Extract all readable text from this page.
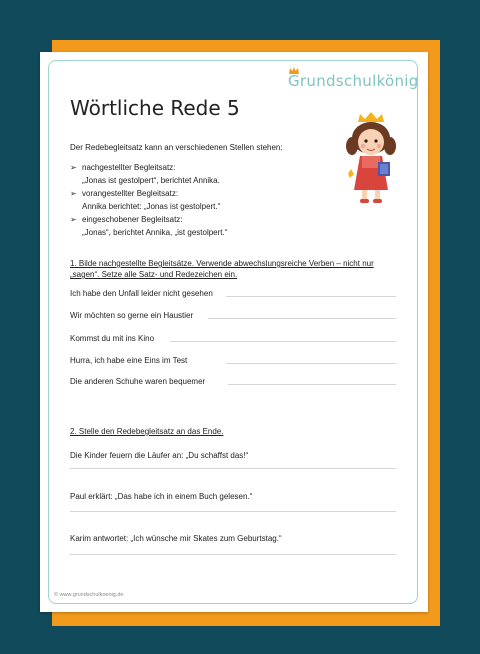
Grundschulkönig
Wörtliche Rede 5
Der Redebegleitsatz kann an verschiedenen Stellen stehen:
➢ nachgestellter Begleitsatz:
„Jonas ist gestolpert“, berichtet Annika.
➢ vorangestellter Begleitsatz:
Annika berichtet: „Jonas ist gestolpert.“
➢ eingeschobener Begleitsatz:
„Jonas“, berichtet Annika, „ist gestolpert.“
1. Bilde nachgestellte Begleitsätze. Verwende abwechslungsreiche Verben – nicht nur
„sagen“. Setze alle Satz- und Redezeichen ein.
Ich habe den Unfall leider nicht gesehen
Wir möchten so gerne ein Haustier
Kommst du mit ins Kino
Hurra, ich habe eine Eins im Test
Die anderen Schuhe waren bequemer
2. Stelle den Redebegleitsatz an das Ende.
Die Kinder feuern die Läufer an: „Du schaffst das!“
Paul erklärt: „Das habe ich in einem Buch gelesen.“
Karim antwortet: „Ich wünsche mir Skates zum Geburtstag.“
© www.grundschulkoenig.de
